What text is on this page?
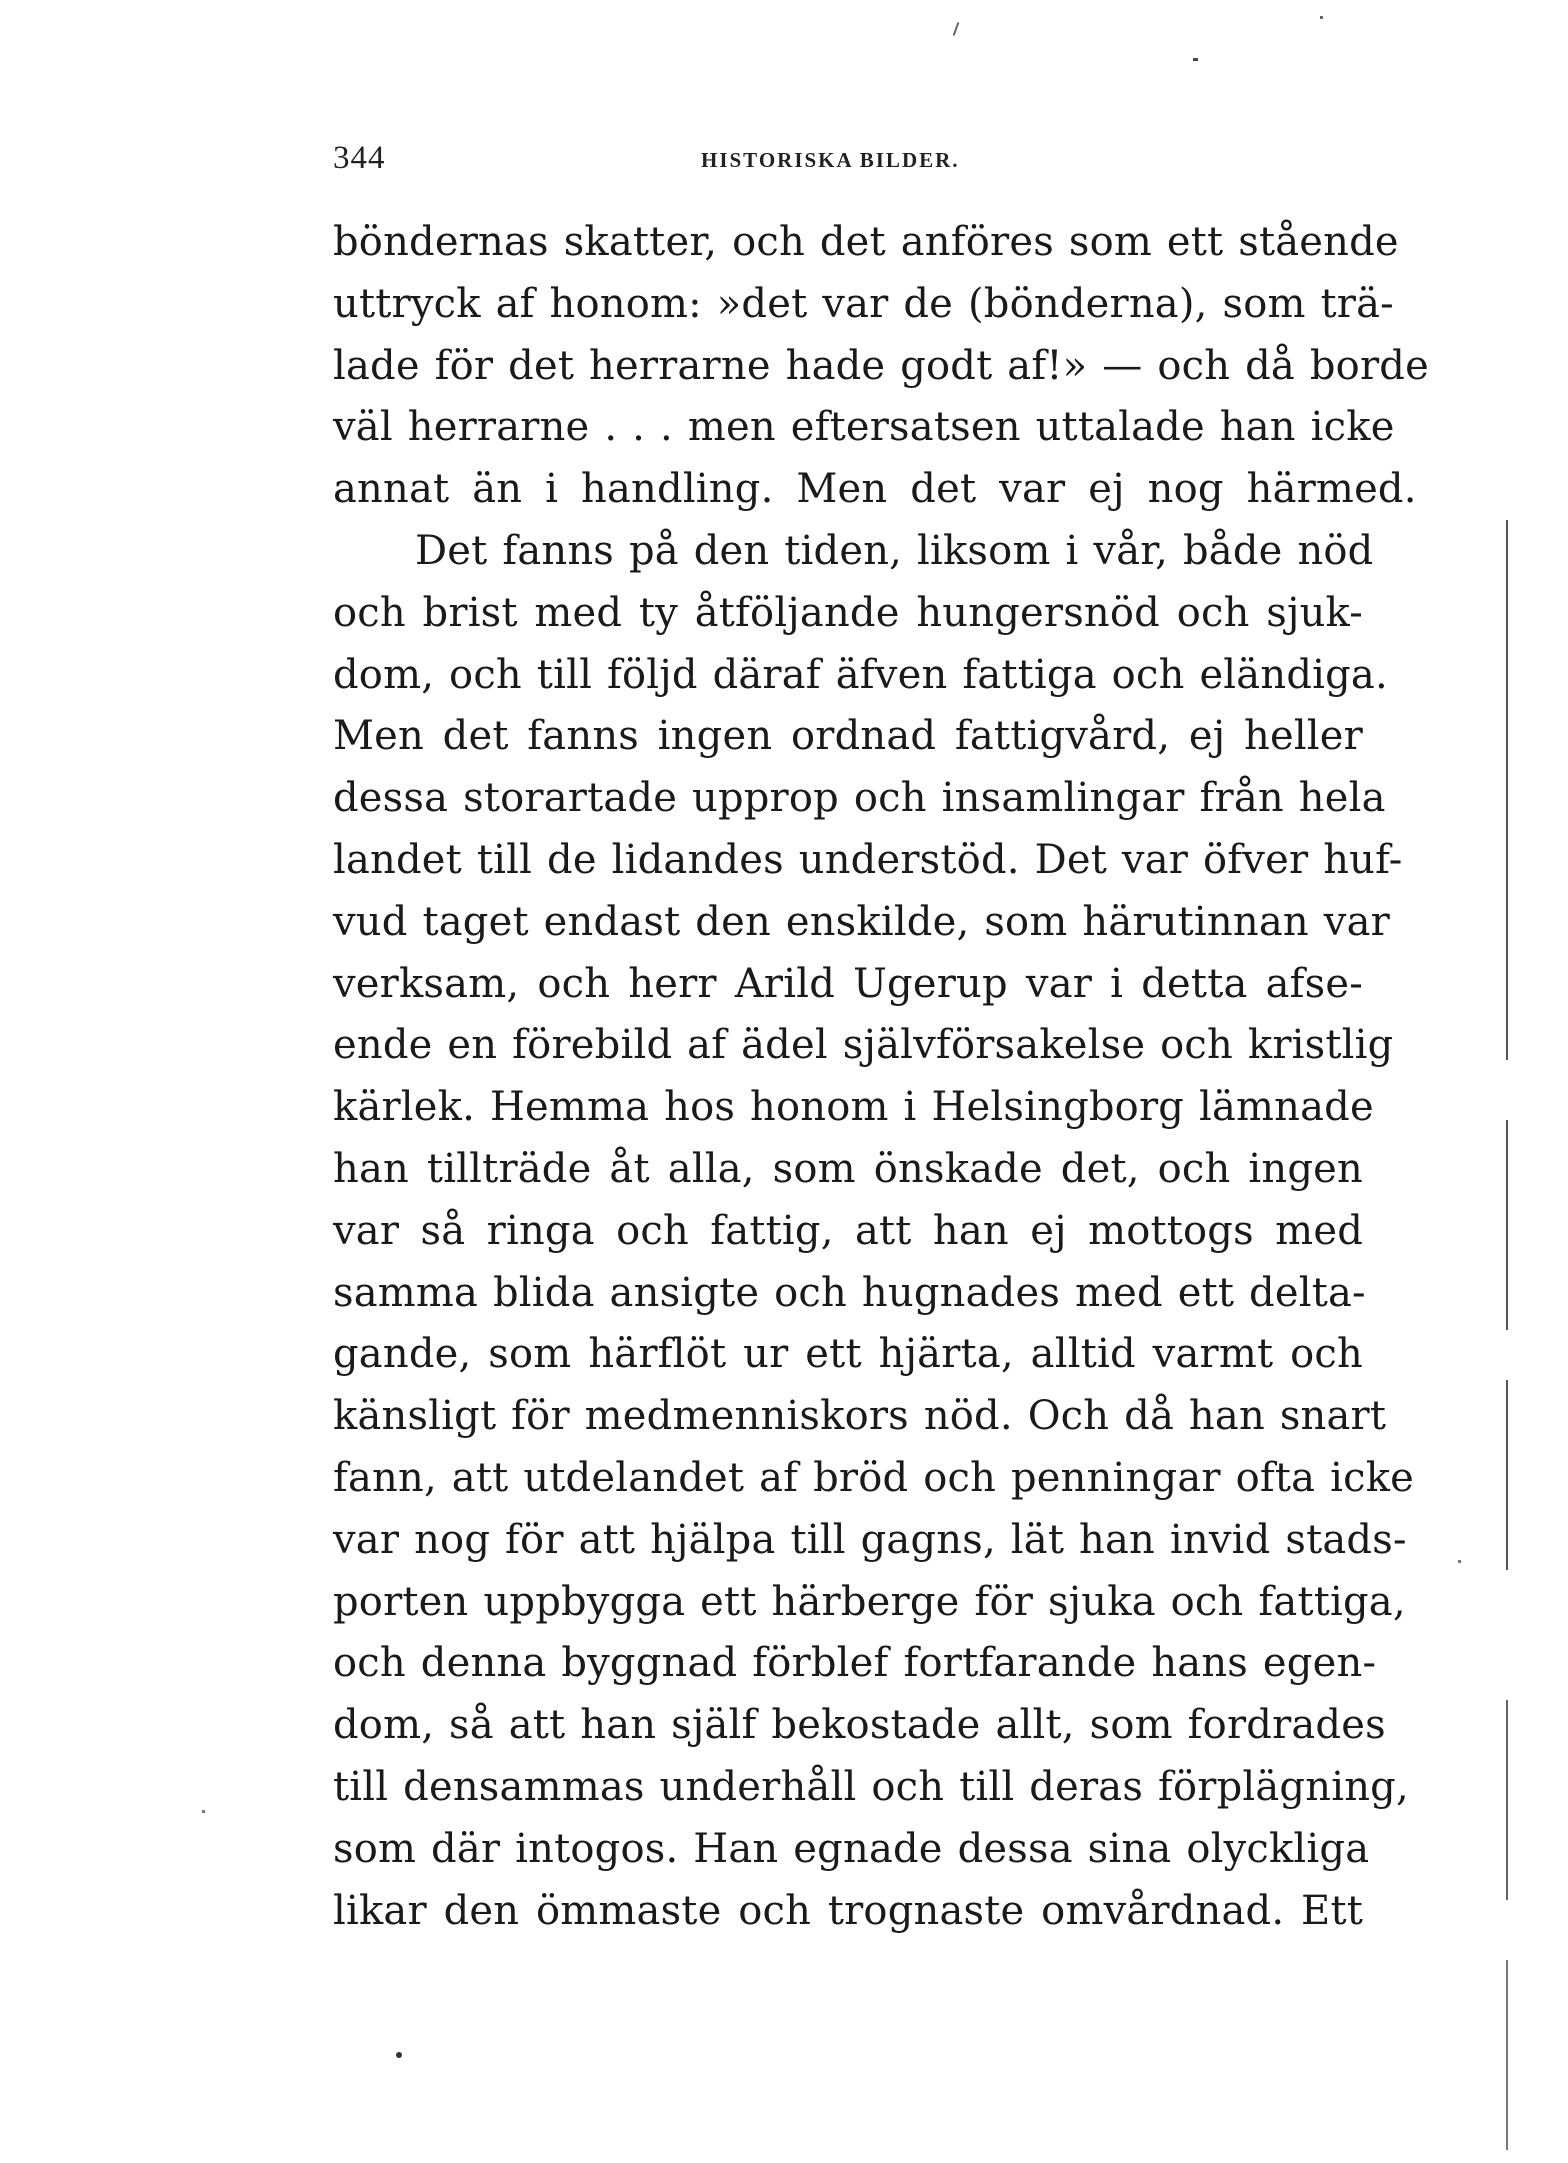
344	HISTORISKA BILDER.
böndernas skatter, och det anföres som ett stående
uttryck af honom: »det var de (bönderna), som trä-
lade för det herrarne hade godt af!» — och då borde
väl herrarne . . . men eftersatsen uttalade han icke
annat än i handling. Men det var ej nog härmed.
Det fanns på den tiden, liksom i vår, både nöd
och brist med ty åtföljande hungersnöd och sjuk-
dom, och till följd däraf äfven fattiga och eländiga.
Men det fanns ingen ordnad fattigvård, ej heller
dessa storartade upprop och insamlingar från hela
landet till de lidandes understöd. Det var öfver huf-
vud taget endast den enskilde, som härutinnan var
verksam, och herr Arild Ugerup var i detta afse-
ende en förebild af ädel självförsakelse och kristlig
kärlek. Hemma hos honom i Helsingborg lämnade
han tillträde åt alla, som önskade det, och ingen
var så ringa och fattig, att han ej mottogs med
samma blida ansigte och hugnades med ett delta-
gande, som härflöt ur ett hjärta, alltid varmt och
känsligt för medmenniskors nöd. Och då han snart
fann, att utdelandet af bröd och penningar ofta icke
var nog för att hjälpa till gagns, lät han invid stads-
porten uppbygga ett härberge för sjuka och fattiga,
och denna byggnad förblef fortfarande hans egen-
dom, så att han själf bekostade allt, som fordrades
till densammas underhåll och till deras förplägning,
som där intogos. Han egnade dessa sina olyckliga
likar den ömmaste och trognaste omvårdnad. Ett
